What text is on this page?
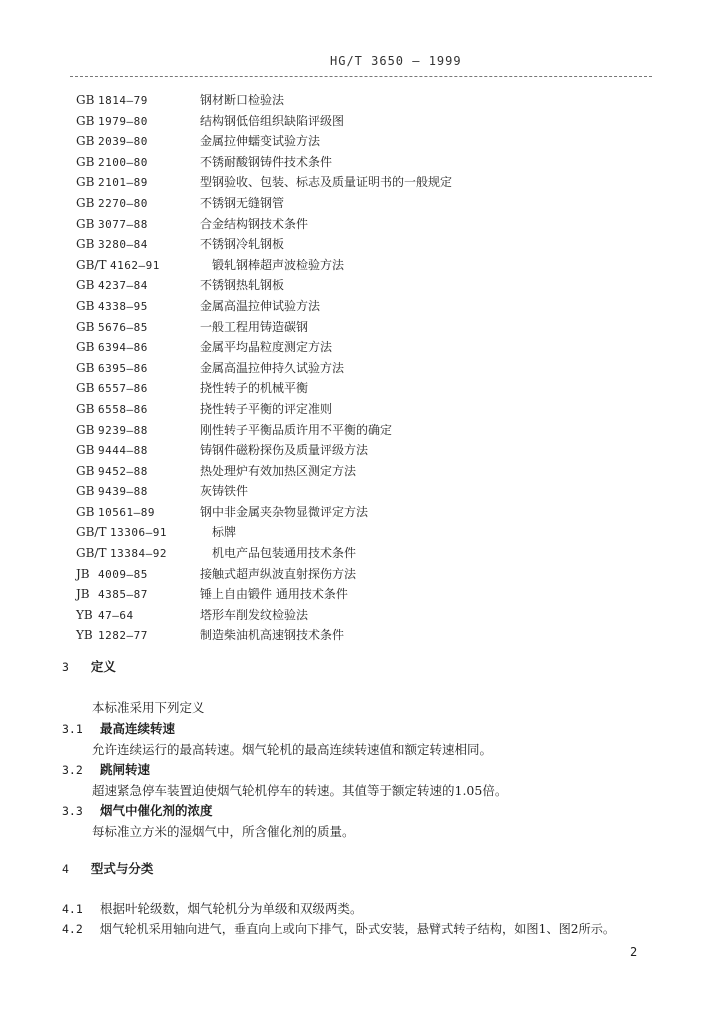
HG/T 3650 — 1999
GB 1814—79	钢材断口检验法
GB 1979—80	结构钢低倍组织缺陷评级图
GB 2039—80	金属拉伸蠕变试验方法
GB 2100—80	不锈耐酸钢铸件技术条件
GB 2101—89	型钢验收、包装、标志及质量证明书的一般规定
GB 2270—80	不锈钢无缝钢管
GB 3077—88	合金结构钢技术条件
GB 3280—84	不锈钢冷轧钢板
GB/T 4162—91	锻轧钢棒超声波检验方法
GB 4237—84	不锈钢热轧钢板
GB 4338—95	金属高温拉伸试验方法
GB 5676—85	一般工程用铸造碳钢
GB 6394—86	金属平均晶粒度测定方法
GB 6395—86	金属高温拉伸持久试验方法
GB 6557—86	挠性转子的机械平衡
GB 6558—86	挠性转子平衡的评定准则
GB 9239—88	刚性转子平衡品质许用不平衡的确定
GB 9444—88	铸钢件磁粉探伤及质量评级方法
GB 9452—88	热处理炉有效加热区测定方法
GB 9439—88	灰铸铁件
GB 10561—89	钢中非金属夹杂物显微评定方法
GB/T 13306—91	标牌
GB/T 13384—92	机电产品包装通用技术条件
JB 4009—85	接触式超声纵波直射探伤方法
JB 4385—87	锤上自由锻件 通用技术条件
YB 47—64	塔形车削发纹检验法
YB 1282—77	制造柴油机高速钢技术条件
3 定义
本标准采用下列定义
3.1 最高连续转速
允许连续运行的最高转速。烟气轮机的最高连续转速值和额定转速相同。
3.2 跳闸转速
超速紧急停车装置迫使烟气轮机停车的转速。其值等于额定转速的1.05倍。
3.3 烟气中催化剂的浓度
每标准立方米的湿烟气中，所含催化剂的质量。
4 型式与分类
4.1 根据叶轮级数，烟气轮机分为单级和双级两类。
4.2 烟气轮机采用轴向进气，垂直向上或向下排气，卧式安装，悬臂式转子结构，如图1、图2所示。
2
